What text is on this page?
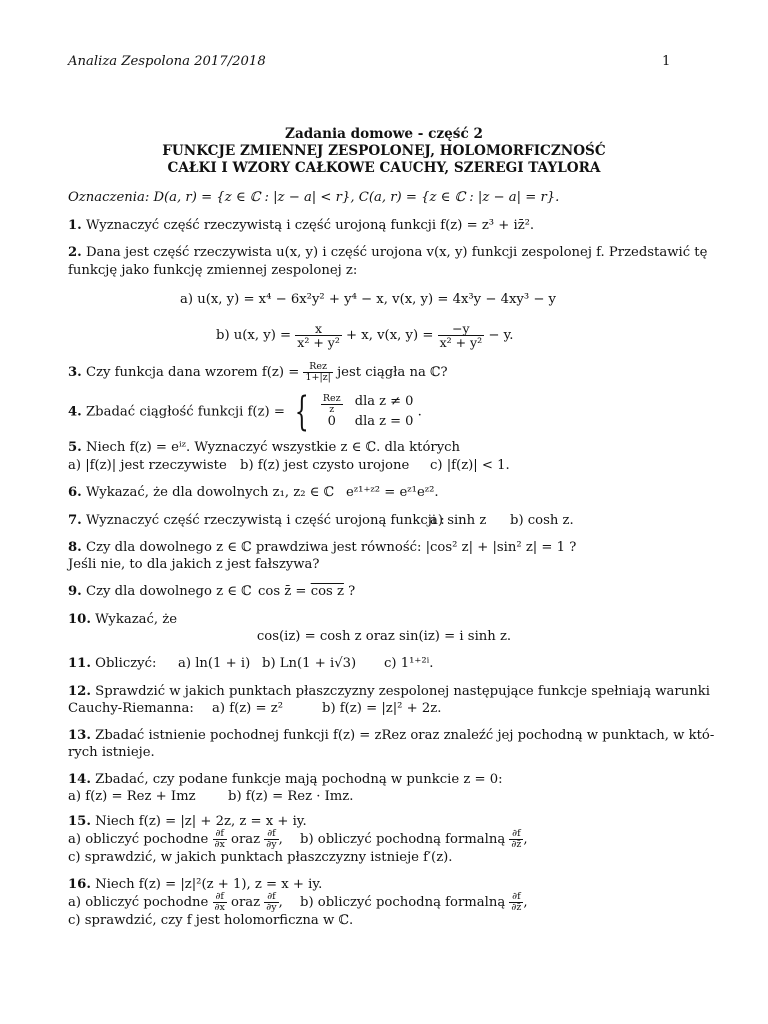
Analiza Zespolona 2017/2018	1
Zadania domowe - część 2
FUNKCJE ZMIENNEJ ZESPOLONEJ, HOLOMORFICZNOŚĆ
CAŁKI I WZORY CAŁKOWE CAUCHY, SZEREGI TAYLORA
Oznaczenia: D(a, r) = {z ∈ ℂ : |z − a| < r}, C(a, r) = {z ∈ ℂ : |z − a| = r}.
1. Wyznaczyć część rzeczywistą i część urojoną funkcji f(z) = z³ + iz̄².
2. Dana jest część rzeczywista u(x, y) i część urojona v(x, y) funkcji zespolonej f. Przedstawić tę
funkcję jako funkcję zmiennej zespolonej z:
a) u(x, y) = x⁴ − 6x²y² + y⁴ − x, v(x, y) = 4x³y − 4xy³ − y
b) u(x, $y) = \frac{x}{\text{x² + y²}} + x$, v(x, $y) = \frac{-y}{\text{x² + y²}} - y$.
3. Czy funkcja dana wzorem f(z) =	Rez
1+|z| jest ciągła na ℂ?
4. Zbadać ciągłość funkcji f(z) = { Rez
z
dla z ≠ 0
0	dla z = 0
.
5. Niech f(z) = eⁱᶻ. Wyznaczyć wszystkie z ∈ ℂ. dla których
a) |f(z)| jest rzeczywiste b) f(z) jest czysto urojone c) |f(z)| < 1.
6. Wykazać, że dla dowolnych z₁, z₂ ∈ ℂ eᶻ¹⁺ᶻ² = eᶻ¹eᶻ².
7. Wyznaczyć część rzeczywistą i część urojoną funkcji :
a) sinh z b) cosh z.
8. Czy dla dowolnego z ∈ ℂ prawdziwa jest równość: |cos² z| + |sin² z| = 1 ?
Jeśli nie, to dla jakich z jest fałszywa?
9. Czy dla dowolnego z ∈ ℂ cos z̄ = cos z ?
10. Wykazać, że
cos(iz) = cosh z oraz sin(iz) = i sinh z.
11. Obliczyć: a) ln(1 + i) b) Ln(1 + i√3) c) 1¹⁺²ⁱ.
12. Sprawdzić w jakich punktach płaszczyzny zespolonej następujące funkcje spełniają warunki
Cauchy-Riemanna: a) f(z) = z²	b) f(z) = |z|² + 2z.
13. Zbadać istnienie pochodnej funkcji f(z) = zRez oraz znaleźć jej pochodną w punktach, w któ-
rych istnieje.
14. Zbadać, czy podane funkcje mają pochodną w punkcie z = 0:
a) f(z) = Rez + Imz b) f(z) = Rez · Imz.
15. Niech f(z) = |z| + 2z, z = x + iy.
a) obliczyć pochodne $\frac{\partial f}{\partial x}$ oraz $\frac{\partial f}{\partial y}$ , b) obliczyć pochodną formalną $\frac{\partial f}{\partial z̄}$ ,
c) sprawdzić, w jakich punktach płaszczyzny istnieje f′(z).
16. Niech f(z) = |z|²(z + 1), z = x + iy.
a) obliczyć pochodne $\frac{\partial f}{\partial x}$ oraz $\frac{\partial f}{\partial y}$ , b) obliczyć pochodną formalną $\frac{\partial f}{\partial z̄}$ ,
c) sprawdzić, czy f jest holomorficzna w ℂ.
